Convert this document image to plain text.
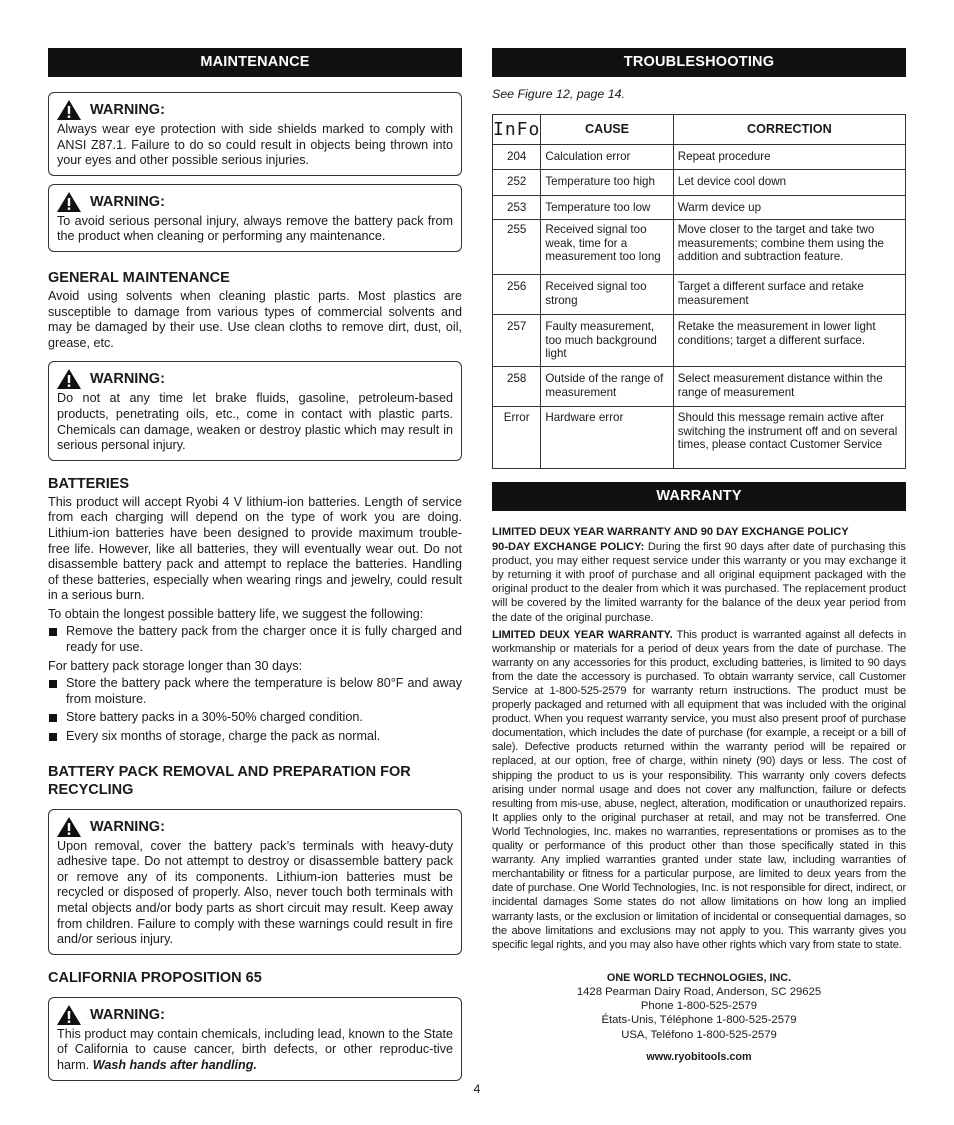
MAINTENANCE
WARNING:
Always wear eye protection with side shields marked to comply with ANSI Z87.1. Failure to do so could result in objects being thrown into your eyes and other possible serious injuries.
WARNING:
To avoid serious personal injury, always remove the battery pack from the product when cleaning or performing any maintenance.
GENERAL MAINTENANCE
Avoid using solvents when cleaning plastic parts. Most plastics are susceptible to damage from various types of commercial solvents and may be damaged by their use. Use clean cloths to remove dirt, dust, oil, grease, etc.
WARNING:
Do not at any time let brake fluids, gasoline, petroleum-based products, penetrating oils, etc., come in contact with plastic parts. Chemicals can damage, weaken or destroy plastic which may result in serious personal injury.
BATTERIES
This product will accept Ryobi 4 V lithium-ion batteries. Length of service from each charging will depend on the type of work you are doing. Lithium-ion batteries have been designed to provide maximum trouble-free life. However, like all batteries, they will eventually wear out. Do not disassemble battery pack and attempt to replace the batteries. Handling of these batteries, especially when wearing rings and jewelry, could result in a serious burn.
To obtain the longest possible battery life, we suggest the following:
Remove the battery pack from the charger once it is fully charged and ready for use.
For battery pack storage longer than 30 days:
Store the battery pack where the temperature is below 80°F and away from moisture.
Store battery packs in a 30%-50% charged condition.
Every six months of storage, charge the pack as normal.
BATTERY PACK REMOVAL AND PREPARATION FOR RECYCLING
WARNING:
Upon removal, cover the battery pack’s terminals with heavy-duty adhesive tape. Do not attempt to destroy or disassemble battery pack or remove any of its components. Lithium-ion batteries must be recycled or disposed of properly. Also, never touch both terminals with metal objects and/or body parts as short circuit may result. Keep away from children. Failure to comply with these warnings could result in fire and/or serious injury.
CALIFORNIA PROPOSITION 65
WARNING:
This product may contain chemicals, including lead, known to the State of California to cause cancer, birth defects, or other reproduc-tive harm. Wash hands after handling.
TROUBLESHOOTING
See Figure 12, page 14.
InFo	CAUSE	CORRECTION
204	Calculation error	Repeat procedure
252	Temperature too high	Let device cool down
253	Temperature too low	Warm device up
255	Received signal too weak, time for a measurement too long	Move closer to the target and take two measurements; combine them using the addition and subtraction feature.
256	Received signal too strong	Target a different surface and retake measurement
257	Faulty measurement, too much background light	Retake the measurement in lower light conditions; target a different surface.
258	Outside of the range of measurement	Select measurement distance within the range of measurement
Error	Hardware error	Should this message remain active after switching the instrument off and on several times, please contact Customer Service
WARRANTY
LIMITED DEUX YEAR WARRANTY AND 90 DAY EXCHANGE POLICY
90-DAY EXCHANGE POLICY: During the first 90 days after date of purchasing this product, you may either request service under this warranty or you may exchange it by returning it with proof of purchase and all original equipment packaged with the original product to the dealer from which it was purchased. The replacement product will be covered by the limited warranty for the balance of the deux year period from the date of the original purchase.
LIMITED DEUX YEAR WARRANTY. This product is warranted against all defects in workmanship or materials for a period of deux years from the date of purchase. The warranty on any accessories for this product, excluding batteries, is limited to 90 days from the date the accessory is purchased. To obtain warranty service, call Customer Service at 1-800-525-2579 for warranty return instructions. The product must be properly packaged and returned with all equipment that was included with the original product. When you request warranty service, you must also present proof of purchase documentation, which includes the date of purchase (for example, a receipt or a bill of sale). Defective products returned within the warranty period will be repaired or replaced, at our option, free of charge, within ninety (90) days or less. The cost of shipping the product to us is your responsibility. This warranty only covers defects arising under normal usage and does not cover any malfunction, failure or defects resulting from mis-use, abuse, neglect, alteration, modification or unauthorized repairs. It applies only to the original purchaser at retail, and may not be transferred. One World Technologies, Inc. makes no warranties, representations or promises as to the quality or performance of this product other than those specifically stated in this warranty. Any implied warranties granted under state law, including warranties of merchantability or fitness for a particular purpose, are limited to deux years from the date of purchase. One World Technologies, Inc. is not responsible for direct, indirect, or incidental damages Some states do not allow limitations on how long an implied warranty lasts, or the exclusion or limitation of incidental or consequential damages, so the above limitations and exclusions may not apply to you. This warranty gives you specific legal rights, and you may also have other rights which vary from state to state.
ONE WORLD TECHNOLOGIES, INC.
1428 Pearman Dairy Road, Anderson, SC 29625
Phone 1-800-525-2579
États-Unis, Téléphone 1-800-525-2579
USA, Teléfono 1-800-525-2579
www.ryobitools.com
4
